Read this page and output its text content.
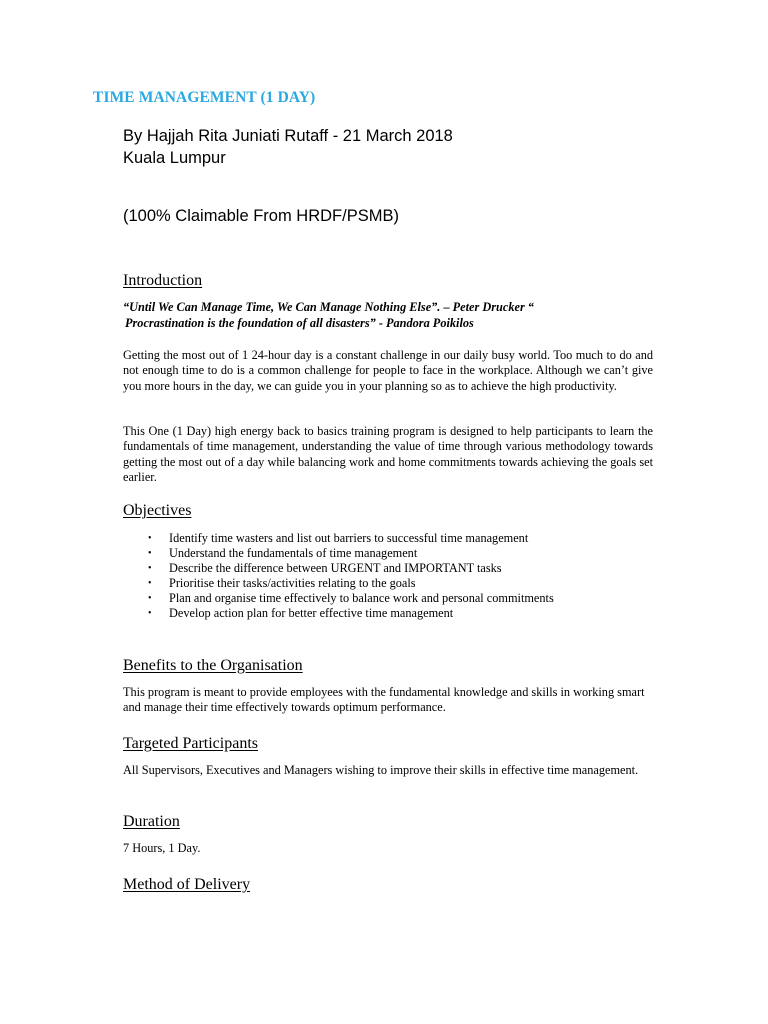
TIME MANAGEMENT (1 DAY)
By Hajjah Rita Juniati Rutaff - 21 March 2018
Kuala Lumpur
(100% Claimable From HRDF/PSMB)
Introduction
“Until We Can Manage Time, We Can Manage Nothing Else”. – Peter Drucker “
Procrastination is the foundation of all disasters” - Pandora Poikilos
Getting the most out of 1 24-hour day is a constant challenge in our daily busy world. Too much to do and not enough time to do is a common challenge for people to face in the workplace. Although we can’t give you more hours in the day, we can guide you in your planning so as to achieve the high productivity.
This One (1 Day) high energy back to basics training program is designed to help participants to learn the fundamentals of time management, understanding the value of time through various methodology towards getting the most out of a day while balancing work and home commitments towards achieving the goals set earlier.
Objectives
• Identify time wasters and list out barriers to successful time management
• Understand the fundamentals of time management
• Describe the difference between URGENT and IMPORTANT tasks
• Prioritise their tasks/activities relating to the goals
• Plan and organise time effectively to balance work and personal commitments
• Develop action plan for better effective time management
Benefits to the Organisation
This program is meant to provide employees with the fundamental knowledge and skills in working smart and manage their time effectively towards optimum performance.
Targeted Participants
All Supervisors, Executives and Managers wishing to improve their skills in effective time management.
Duration
7 Hours, 1 Day.
Method of Delivery
